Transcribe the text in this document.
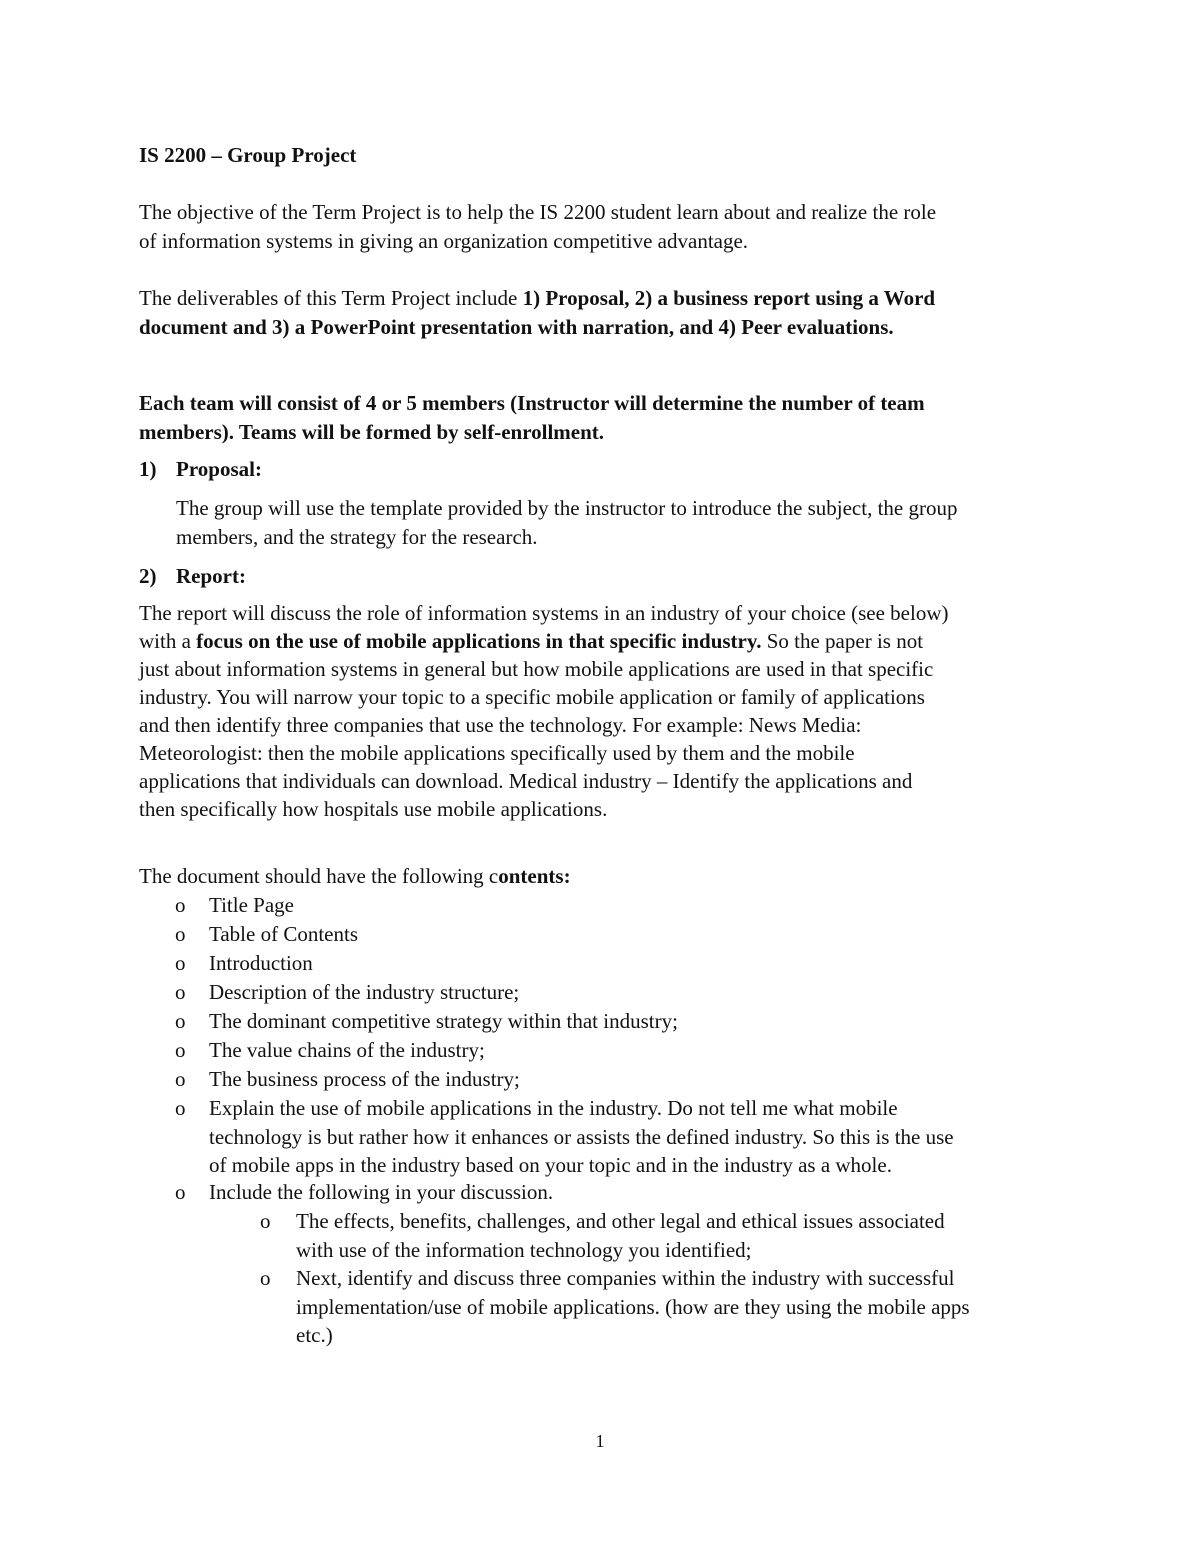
IS 2200 – Group Project
The objective of the Term Project is to help the IS 2200 student learn about and realize the role
of information systems in giving an organization competitive advantage.
The deliverables of this Term Project include 1) Proposal, 2) a business report using a Word
document and 3) a PowerPoint presentation with narration, and 4) Peer evaluations.
Each team will consist of 4 or 5 members (Instructor will determine the number of team
members). Teams will be formed by self-enrollment.
1) Proposal:
The group will use the template provided by the instructor to introduce the subject, the group
members, and the strategy for the research.
2) Report:
The report will discuss the role of information systems in an industry of your choice (see below)
with a focus on the use of mobile applications in that specific industry. So the paper is not
just about information systems in general but how mobile applications are used in that specific
industry. You will narrow your topic to a specific mobile application or family of applications
and then identify three companies that use the technology. For example: News Media:
Meteorologist: then the mobile applications specifically used by them and the mobile
applications that individuals can download. Medical industry – Identify the applications and
then specifically how hospitals use mobile applications.
The document should have the following contents:
o Title Page
o Table of Contents
o Introduction
o Description of the industry structure;
o The dominant competitive strategy within that industry;
o The value chains of the industry;
o The business process of the industry;
o Explain the use of mobile applications in the industry. Do not tell me what mobile
technology is but rather how it enhances or assists the defined industry. So this is the use
of mobile apps in the industry based on your topic and in the industry as a whole.
o Include the following in your discussion.
o The effects, benefits, challenges, and other legal and ethical issues associated
with use of the information technology you identified;
o Next, identify and discuss three companies within the industry with successful
implementation/use of mobile applications. (how are they using the mobile apps
etc.)
1
